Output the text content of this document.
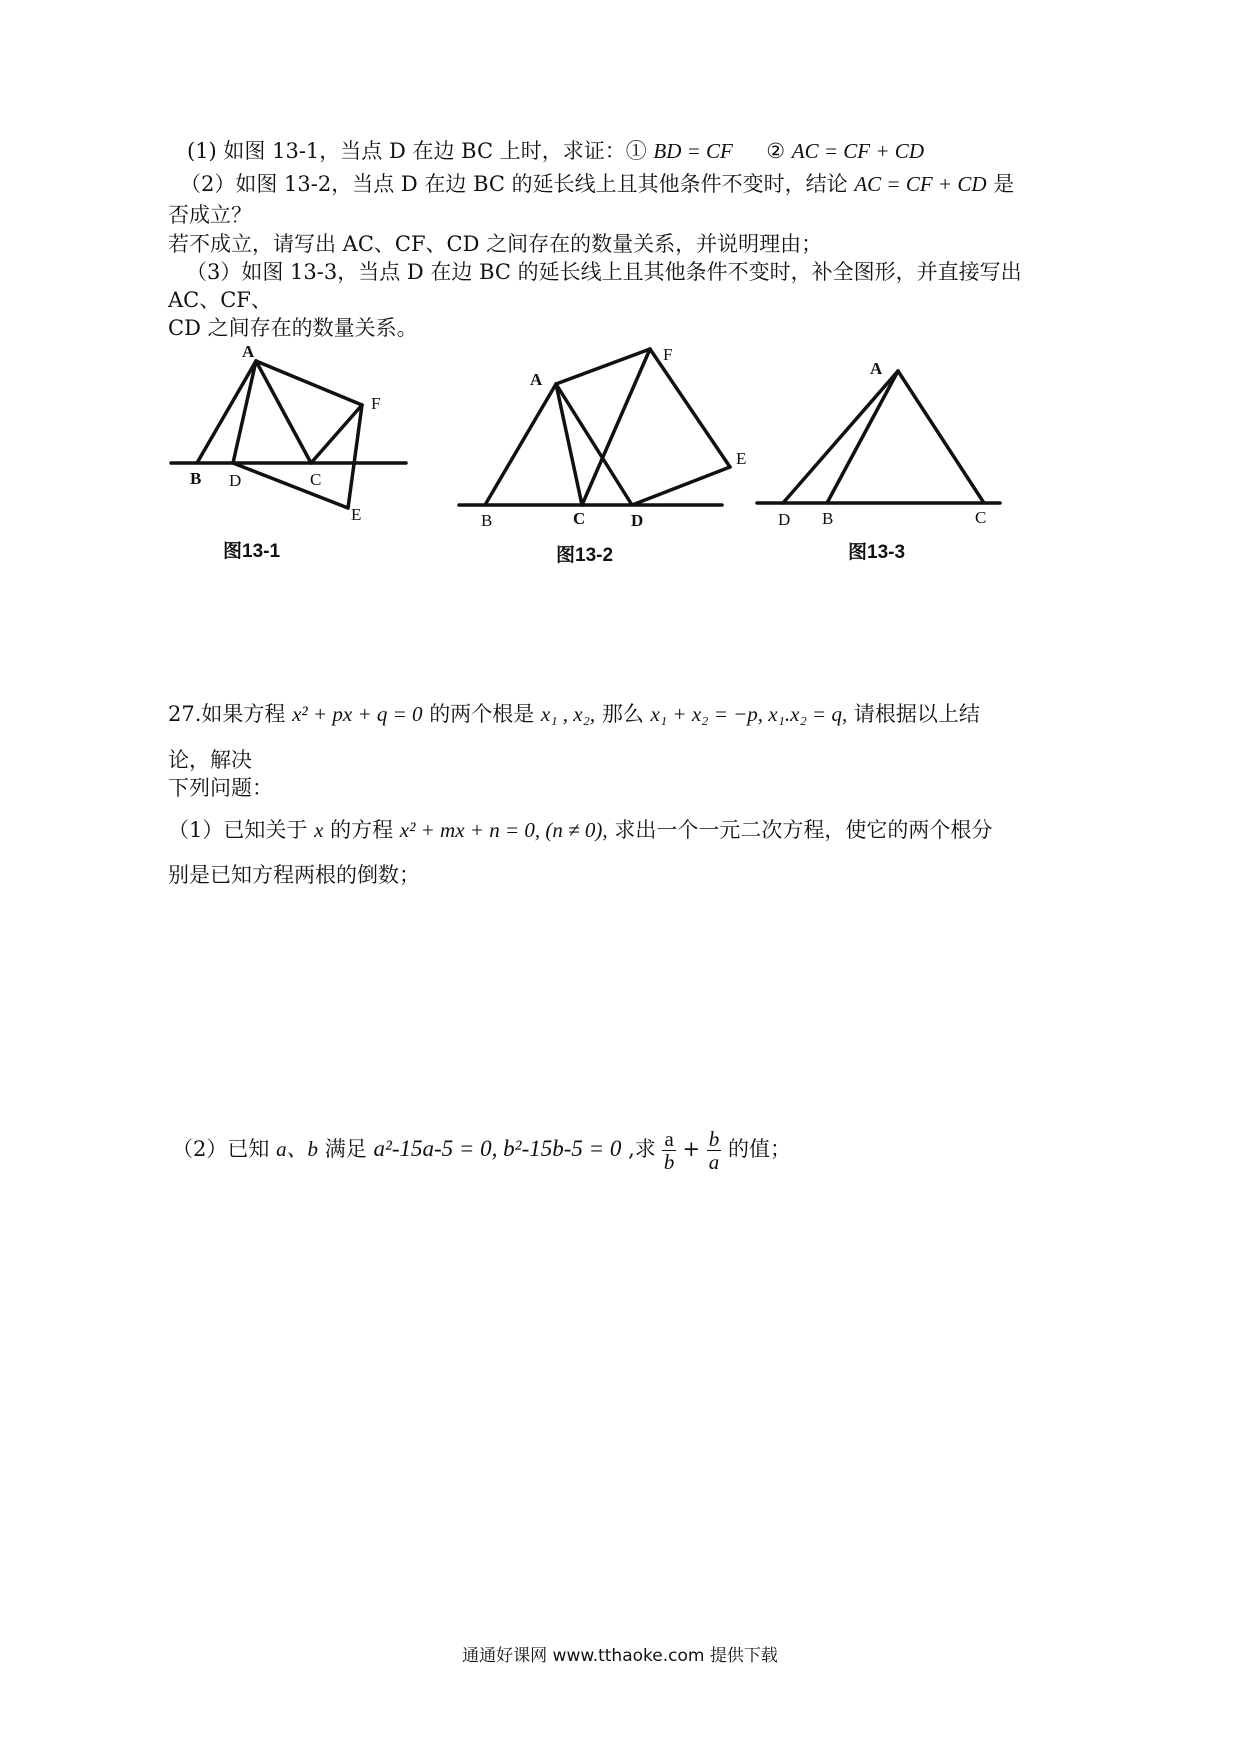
(1) 如图 13-1，当点 D 在边 BC 上时，求证：① BD = CF ② AC = CF + CD
（2）如图 13-2，当点 D 在边 BC 的延长线上且其他条件不变时，结论 AC = CF + CD 是
否成立？
若不成立，请写出 AC、CF、CD 之间存在的数量关系，并说明理由；
（3）如图 13-3，当点 D 在边 BC 的延长线上且其他条件不变时，补全图形，并直接写出
AC、CF、
CD 之间存在的数量关系。
A
B D	C
F
E
A
B	C	D
F
E
A
D B	C
图13-1	图13-2	图13-3
27.如果方程 x² + px + q = 0 的两个根是 x₁ , x₂, 那么 x₁ + x₂ = −p, x₁.x₂ = q, 请根据以上结
论，解决
下列问题：
（1）已知关于 x 的方程 x² + mx + n = 0, (n ≠ 0), 求出一个一元二次方程，使它的两个根分
别是已知方程两根的倒数；
（2）已知 a、b 满足 a²-15a-5 = 0, b²-15b-5 = 0 ,求 $\frac{a}{b} + \frac{b}{a}$ 的值；
通通好课网 www.tthaoke.com 提供下载
